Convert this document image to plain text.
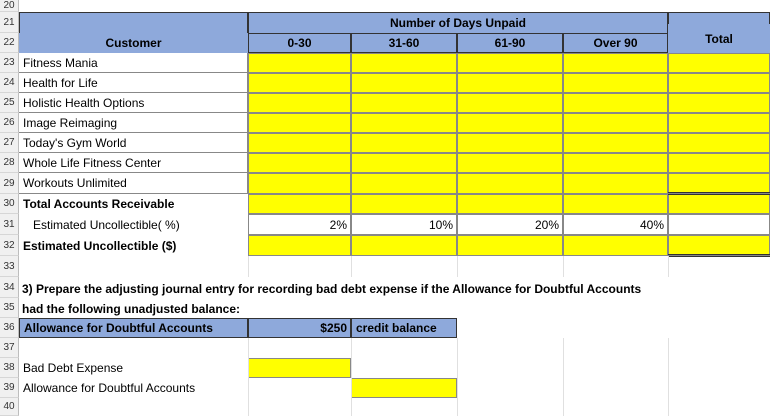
20
21
22
23
24
25
26
27
28
29
30
31
32
33
34
35
36
37
38
39
40
Number of Days Unpaid
Customer	0-30	31-60	61-90	Over 90	Total
Fitness Mania
Health for Life
Holistic Health Options
Image Reimaging
Today's Gym World
Whole Life Fitness Center
Workouts Unlimited
Total Accounts Receivable
Estimated Uncollectible( %)	2%	10%	20%	40%
Estimated Uncollectible ($)
3) Prepare the adjusting journal entry for recording bad debt expense if the Allowance for Doubtful Accounts
had the following unadjusted balance:
Allowance for Doubtful Accounts	$250 credit balance
Bad Debt Expense
Allowance for Doubtful Accounts
